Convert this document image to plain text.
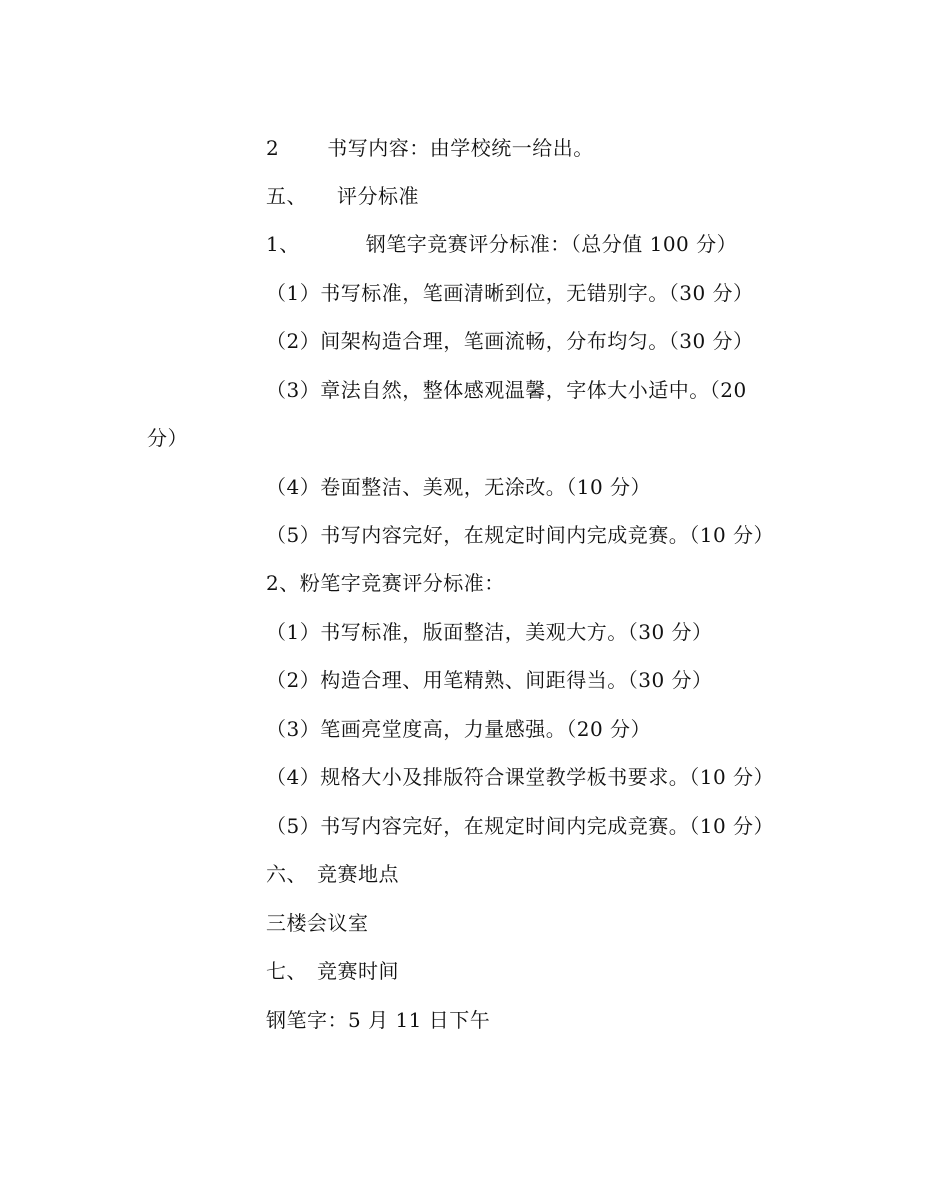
2 书写内容：由学校统一给出。
五、 评分标准
1、	钢笔字竞赛评分标准：（总分值 100 分）
（1）书写标准，笔画清晰到位，无错别字。（30 分）
（2）间架构造合理，笔画流畅，分布均匀。（30 分）
（3）章法自然，整体感观温馨，字体大小适中。（20
分）
（4）卷面整洁、美观，无涂改。（10 分）
（5）书写内容完好，在规定时间内完成竞赛。（10 分）
2、粉笔字竞赛评分标准：
（1）书写标准，版面整洁，美观大方。（30 分）
（2）构造合理、用笔精熟、间距得当。（30 分）
（3）笔画亮堂度高，力量感强。（20 分）
（4）规格大小及排版符合课堂教学板书要求。（10 分）
（5）书写内容完好，在规定时间内完成竞赛。（10 分）
六、 竞赛地点
三楼会议室
七、 竞赛时间
钢笔字：5 月 11 日下午
